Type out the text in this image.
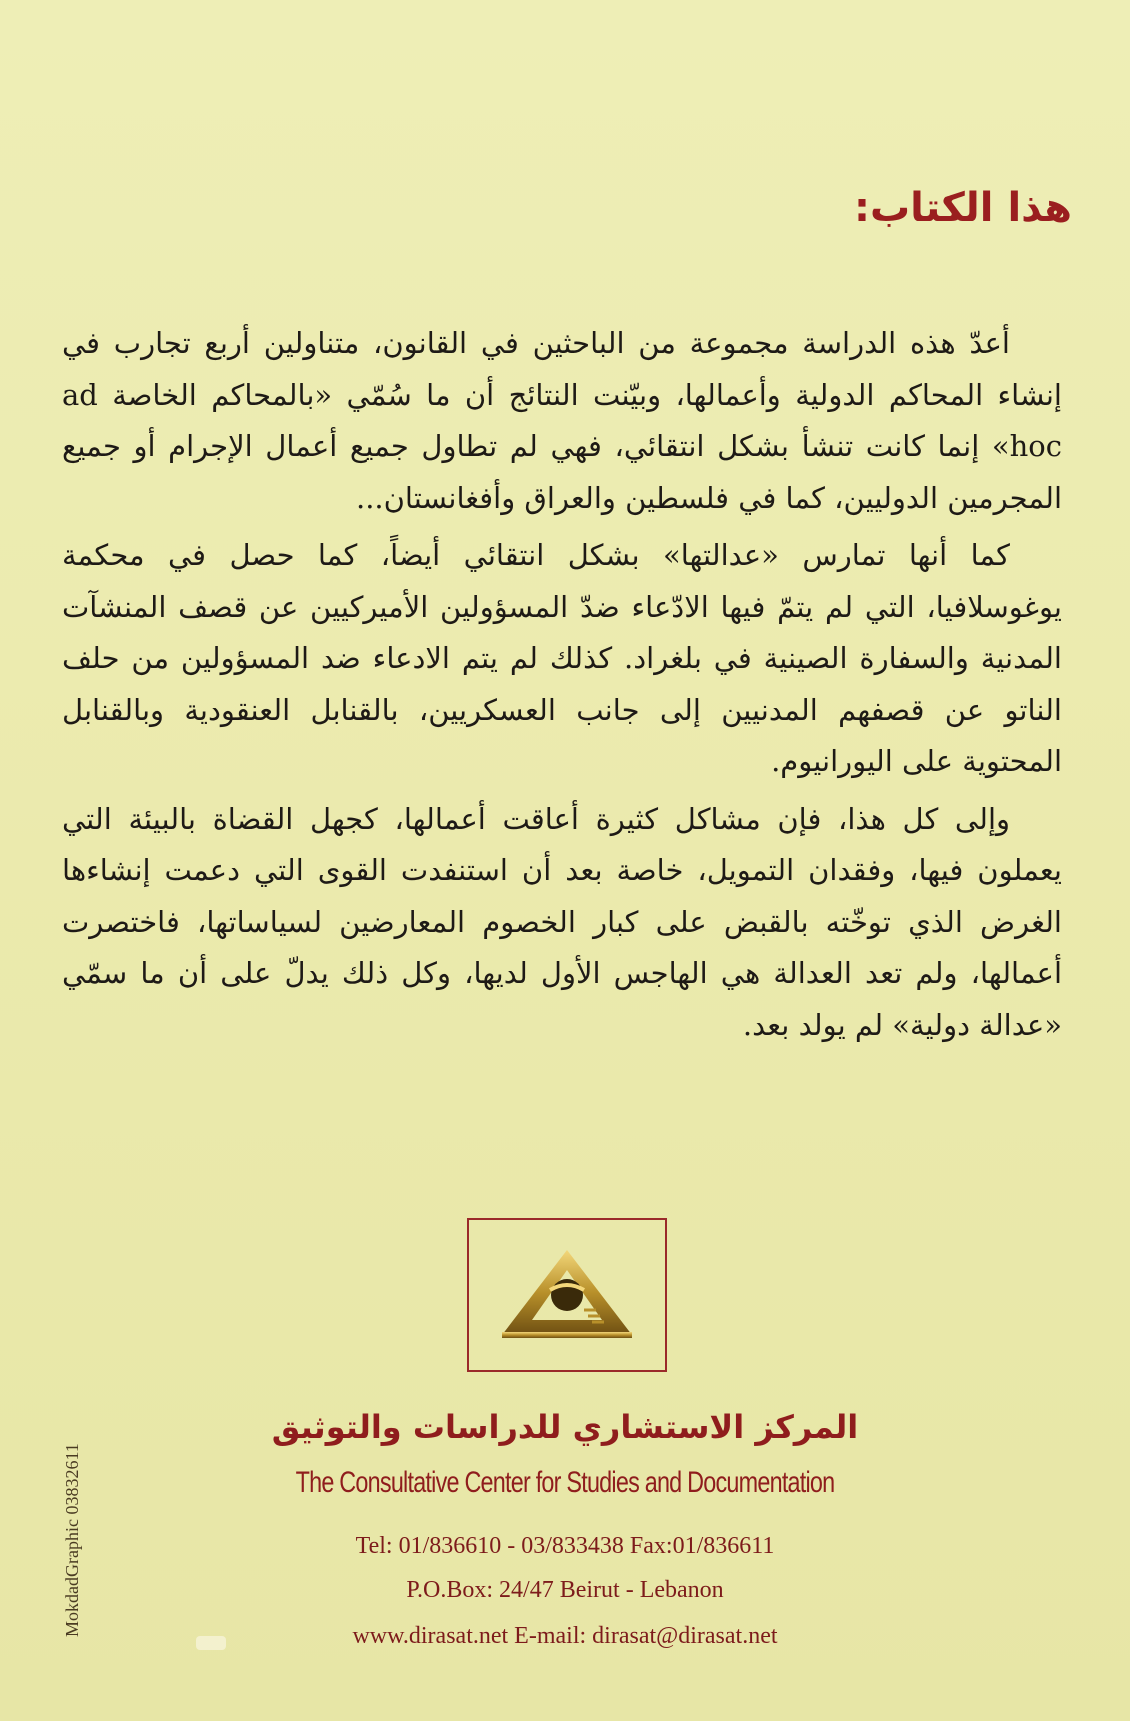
هذا الكتاب:

أعدّ هذه الدراسة مجموعة من الباحثين في القانون، متناولين أربع تجارب في إنشاء المحاكم الدولية وأعمالها، وبيّنت النتائج أن ما سُمّي «بالمحاكم الخاصة ad hoc» إنما كانت تنشأ بشكل انتقائي، فهي لم تطاول جميع أعمال الإجرام أو جميع المجرمين الدوليين، كما في فلسطين والعراق وأفغانستان...

كما أنها تمارس «عدالتها» بشكل انتقائي أيضاً، كما حصل في محكمة يوغوسلافيا، التي لم يتمّ فيها الادّعاء ضدّ المسؤولين الأميركيين عن قصف المنشآت المدنية والسفارة الصينية في بلغراد. كذلك لم يتم الادعاء ضد المسؤولين من حلف الناتو عن قصفهم المدنيين إلى جانب العسكريين، بالقنابل العنقودية وبالقنابل المحتوية على اليورانيوم.

وإلى كل هذا، فإن مشاكل كثيرة أعاقت أعمالها، كجهل القضاة بالبيئة التي يعملون فيها، وفقدان التمويل، خاصة بعد أن استنفدت القوى التي دعمت إنشاءها الغرض الذي توخّته بالقبض على كبار الخصوم المعارضين لسياساتها، فاختصرت أعمالها، ولم تعد العدالة هي الهاجس الأول لديها، وكل ذلك يدلّ على أن ما سمّي «عدالة دولية» لم يولد بعد.

المركز الاستشاري للدراسات والتوثيق
The Consultative Center for Studies and Documentation
Tel: 01/836610 - 03/833438 Fax:01/836611
P.O.Box: 24/47 Beirut - Lebanon
www.dirasat.net E-mail: dirasat@dirasat.net
MokdadGraphic 03832611
